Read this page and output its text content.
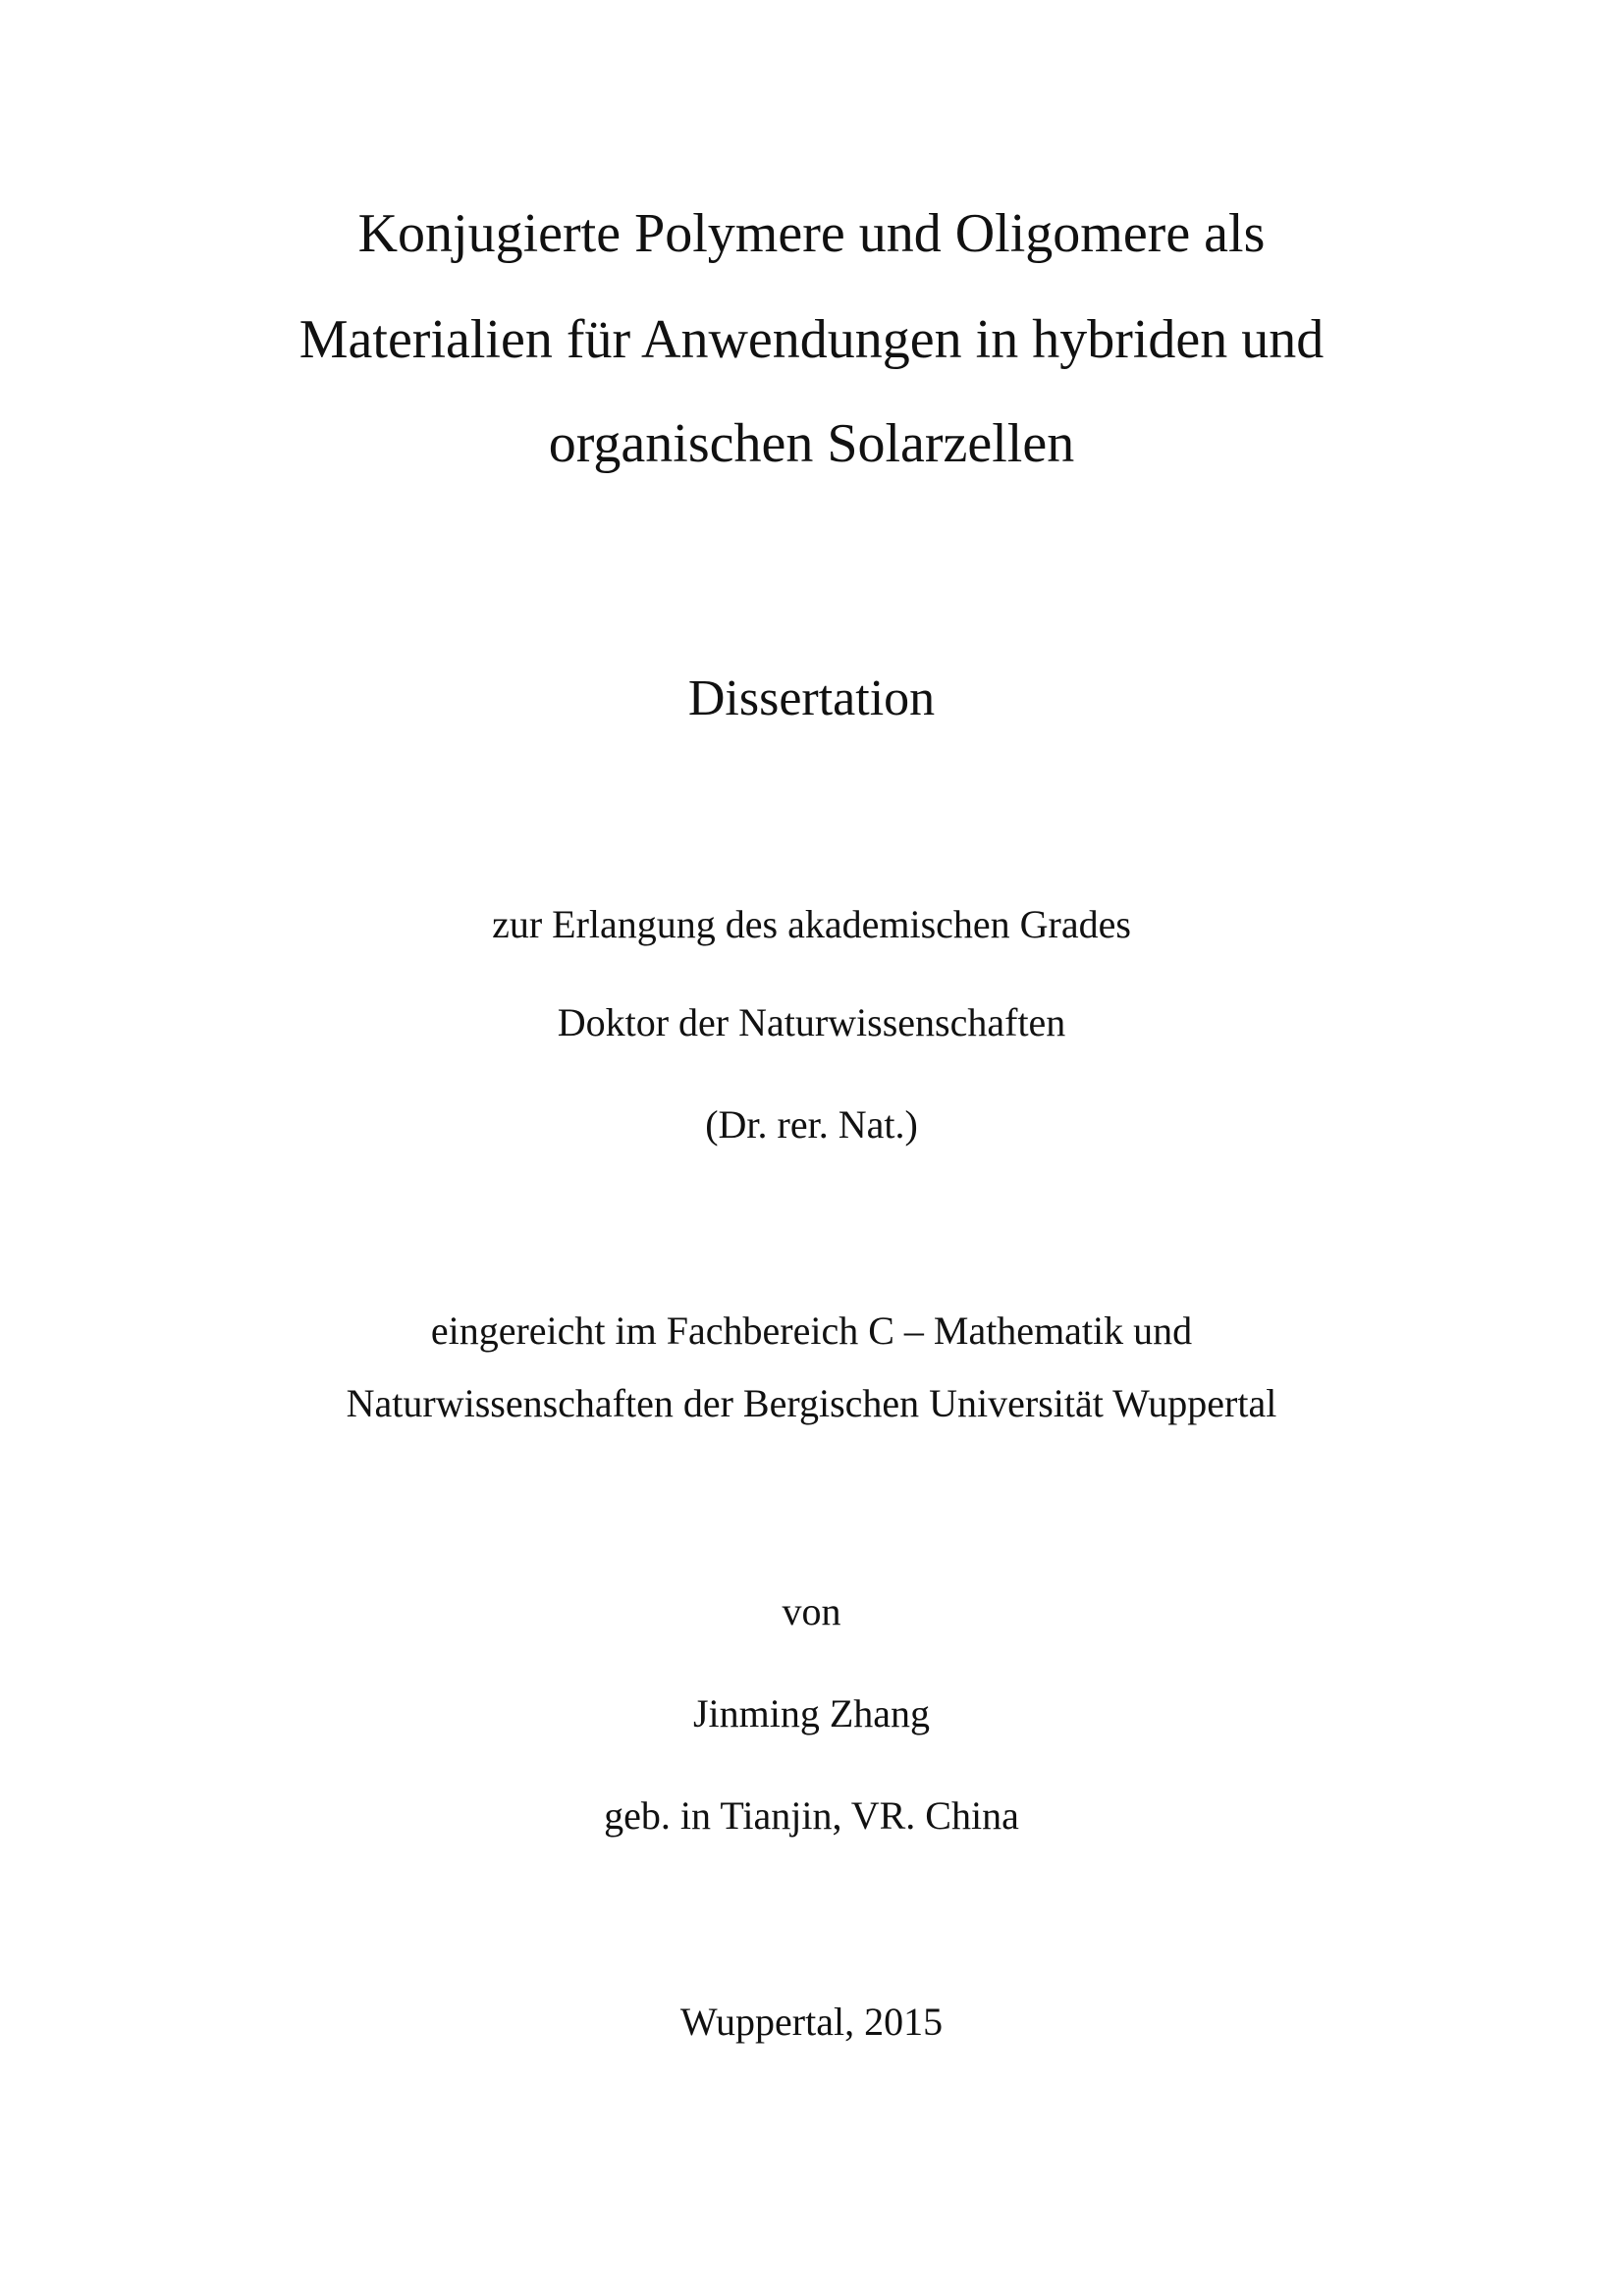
Konjugierte Polymere und Oligomere als
Materialien für Anwendungen in hybriden und
organischen Solarzellen
Dissertation
zur Erlangung des akademischen Grades
Doktor der Naturwissenschaften
(Dr. rer. Nat.)
eingereicht im Fachbereich C – Mathematik und
Naturwissenschaften der Bergischen Universität Wuppertal
von
Jinming Zhang
geb. in Tianjin, VR. China
Wuppertal, 2015
